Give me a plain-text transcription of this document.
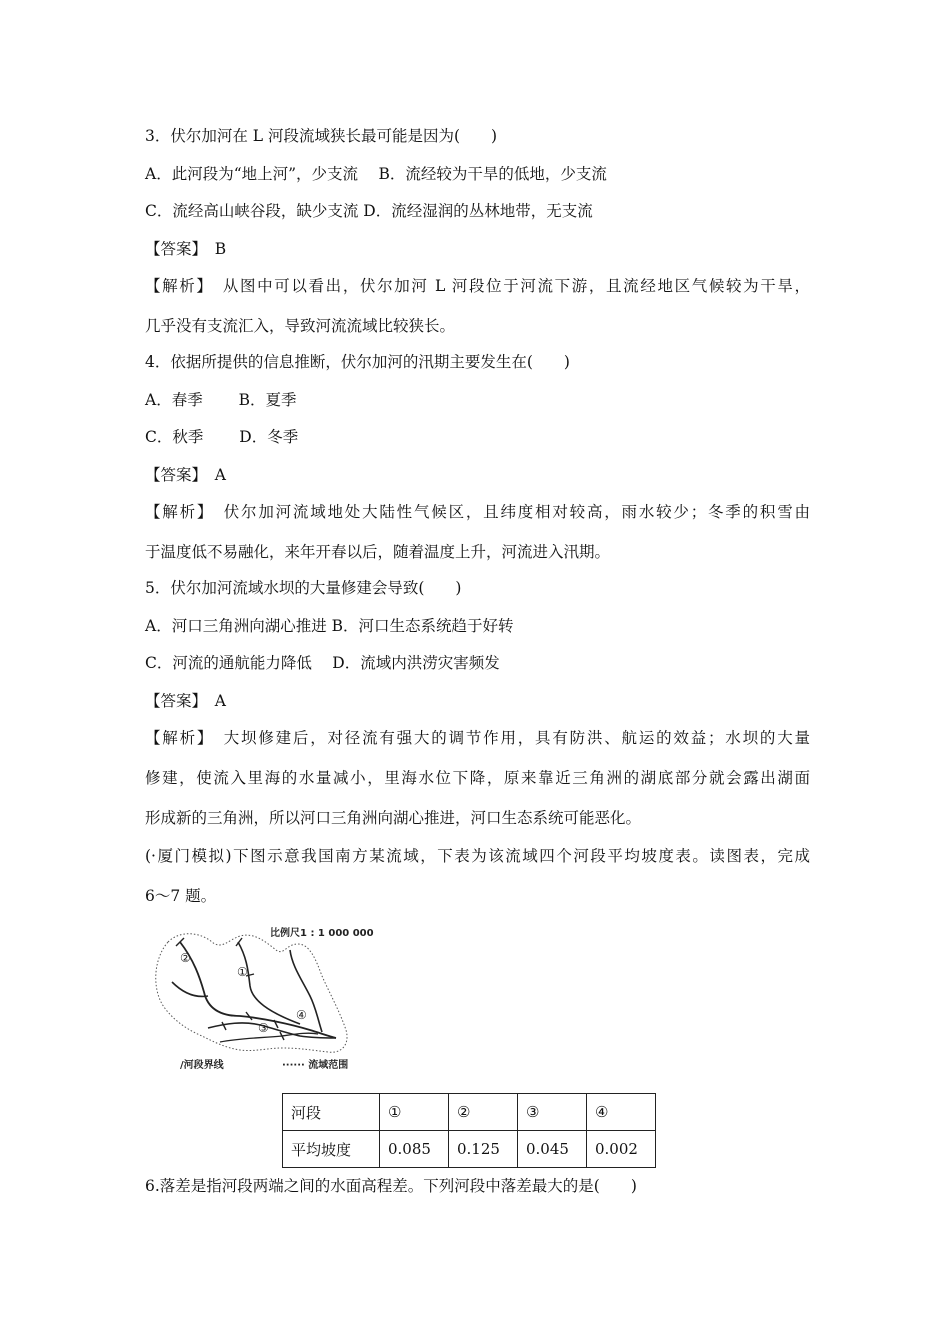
3．伏尔加河在 L 河段流域狭长最可能是因为(　　)
A．此河段为“地上河”，少支流　 B．流经较为干旱的低地，少支流
C．流经高山峡谷段，缺少支流 D．流经湿润的丛林地带，无支流
【答案】　B
【解析】　从图中可以看出，伏尔加河 L 河段位于河流下游，且流经地区气候较为干旱，
几乎没有支流汇入，导致河流流域比较狭长。
4．依据所提供的信息推断，伏尔加河的汛期主要发生在(　　)
A．春季　　 B．夏季
C．秋季　　 D．冬季
【答案】　A
【解析】　伏尔加河流域地处大陆性气候区，且纬度相对较高，雨水较少；冬季的积雪由
于温度低不易融化，来年开春以后，随着温度上升，河流进入汛期。
5．伏尔加河流域水坝的大量修建会导致(　　)
A．河口三角洲向湖心推进 B．河口生态系统趋于好转
C．河流的通航能力降低　 D．流域内洪涝灾害频发
【答案】　A
【解析】　大坝修建后，对径流有强大的调节作用，具有防洪、航运的效益；水坝的大量
修建，使流入里海的水量减小，里海水位下降，原来靠近三角洲的湖底部分就会露出湖面
形成新的三角洲，所以河口三角洲向湖心推进，河口生态系统可能恶化。
(·厦门模拟)下图示意我国南方某流域，下表为该流域四个河段平均坡度表。读图表，完成
6～7 题。
②
①
③
④
比例尺1 : 1 000 000
/河段界线	······ 流域范围
河段	①	②	③	④
平均坡度	0.085	0.125	0.045	0.002
6.落差是指河段两端之间的水面高程差。下列河段中落差最大的是(　　)
